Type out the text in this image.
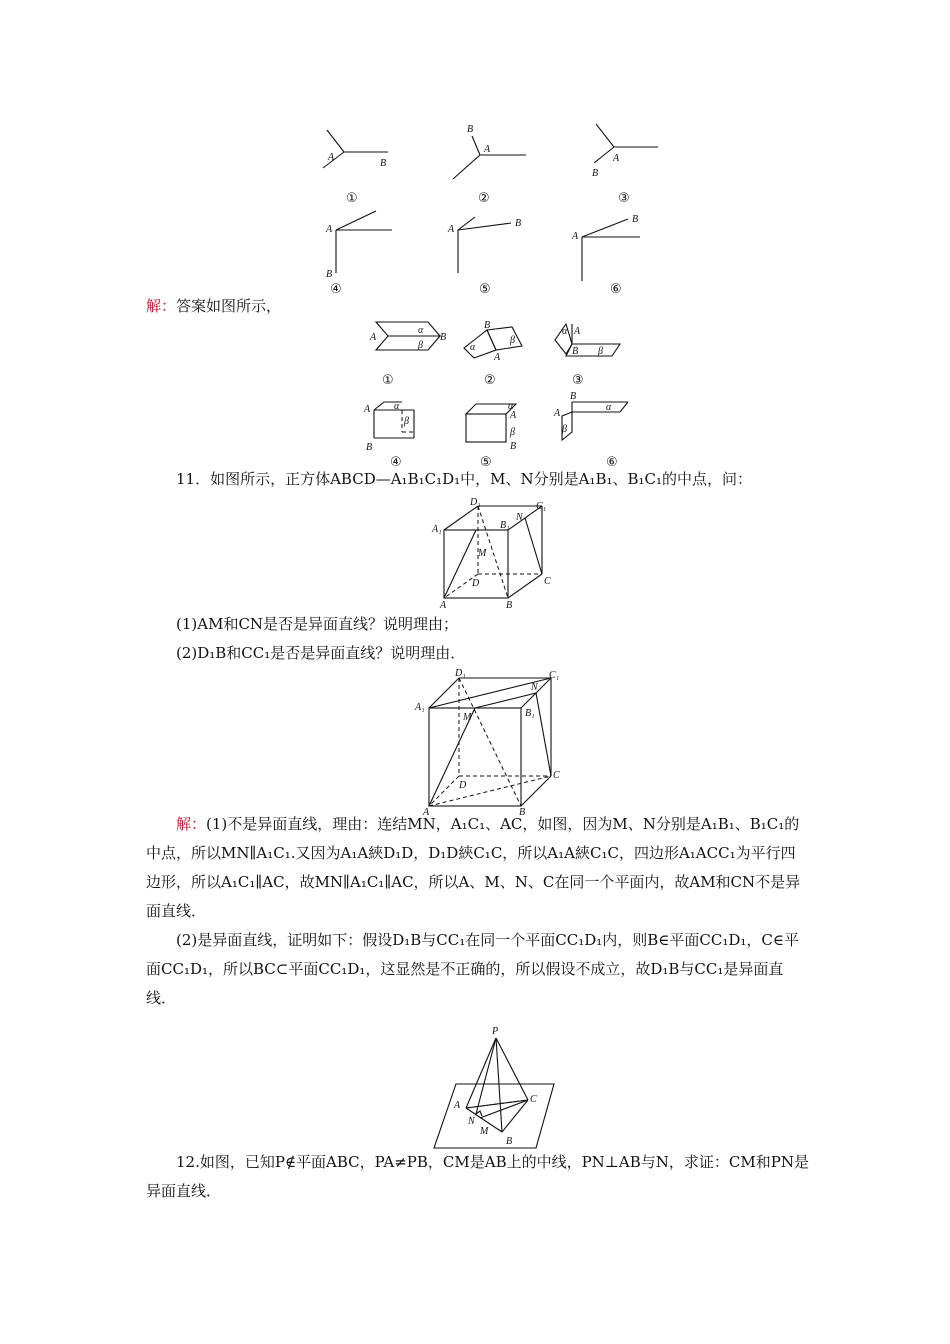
A
B
①
B
A
②
A
B
③
A
B
④
A
B
⑤
A
B
⑥
解：答案如图所示，
A	B
α
β
①
B
A
α
β
②
α A
B β
③
A
B
α
β
④
α
A
β
B
⑤
B
A
α
β
⑥
11．如图所示，正方体ABCD—A₁B₁C₁D₁中，M、N分别是A₁B₁、B₁C₁的中点，问：
D₁	C₁
A₁	B₁
N
M
D	C
A	B
(1)AM和CN是否是异面直线？说明理由；
(2)D₁B和CC₁是否是异面直线？说明理由．
D₁	C₁
A₁
B₁
N
M
D
C
A	B
解：(1)不是异面直线，理由：连结MN，A₁C₁、AC，如图，因为M、N分别是A₁B₁、B₁C₁的中点，所以MN∥A₁C₁.又因为A₁A綊D₁D，D₁D綊C₁C，所以A₁A綊C₁C，四边形A₁ACC₁为平行四边形，所以A₁C₁∥AC，故MN∥A₁C₁∥AC，所以A、M、N、C在同一个平面内，故AM和CN不是异面直线．
(2)是异面直线，证明如下：假设D₁B与CC₁在同一个平面CC₁D₁内，则B∈平面CC₁D₁，C∈平面CC₁D₁，所以BC⊂平面CC₁D₁，这显然是不正确的，所以假设不成立，故D₁B与CC₁是异面直线．
P
A
C
N
M
B
12.如图，已知P∉平面ABC，PA≠PB，CM是AB上的中线，PN⊥AB与N，求证：CM和PN是异面直线．
